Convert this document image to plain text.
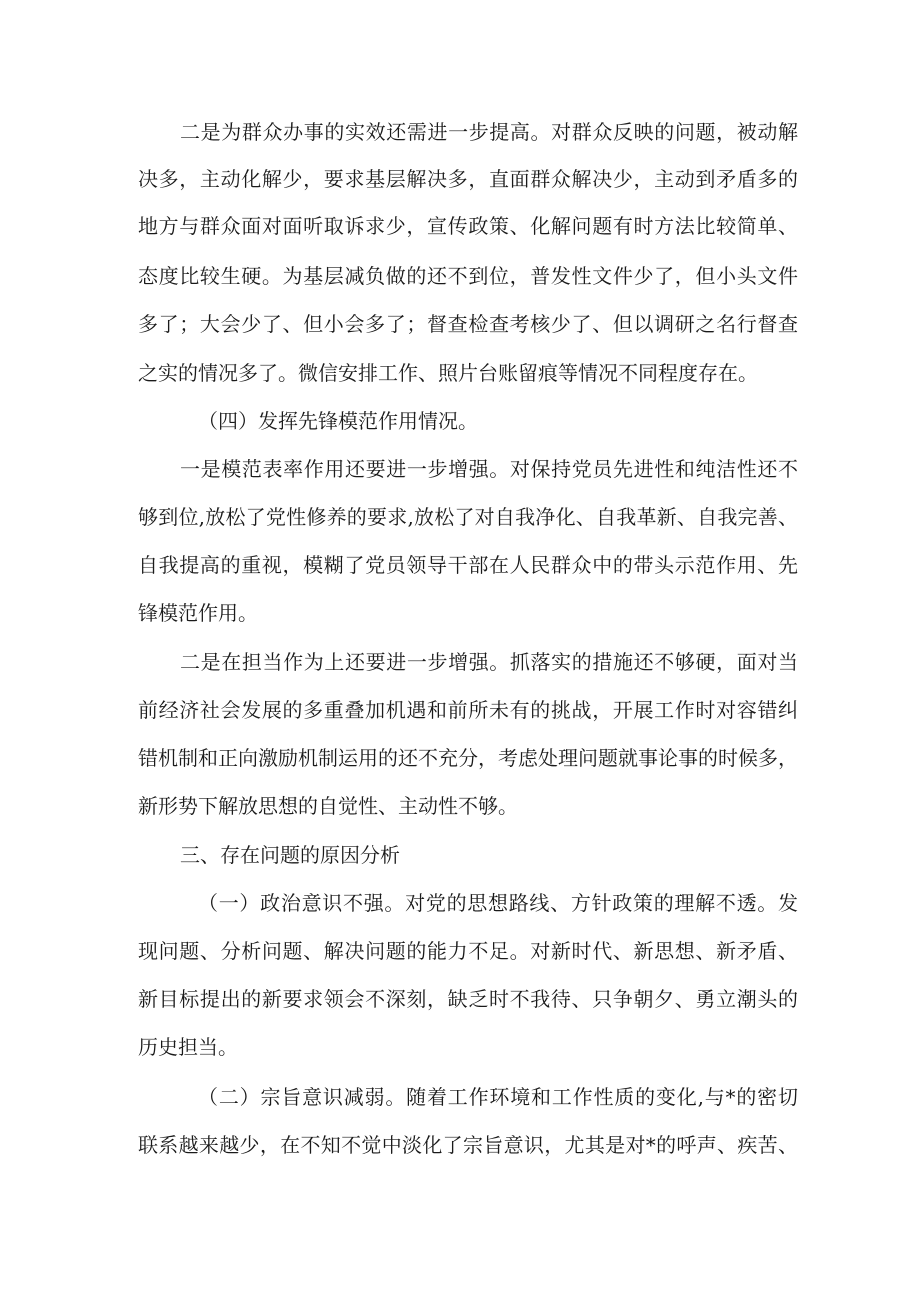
二是为群众办事的实效还需进一步提高。对群众反映的问题，被动解
决多，主动化解少，要求基层解决多，直面群众解决少，主动到矛盾多的
地方与群众面对面听取诉求少，宣传政策、化解问题有时方法比较简单、
态度比较生硬。为基层减负做的还不到位，普发性文件少了，但小头文件
多了；大会少了、但小会多了；督查检查考核少了、但以调研之名行督查
之实的情况多了。微信安排工作、照片台账留痕等情况不同程度存在。
（四）发挥先锋模范作用情况。
一是模范表率作用还要进一步增强。对保持党员先进性和纯洁性还不
够到位,放松了党性修养的要求,放松了对自我净化、自我革新、自我完善、
自我提高的重视，模糊了党员领导干部在人民群众中的带头示范作用、先
锋模范作用。
二是在担当作为上还要进一步增强。抓落实的措施还不够硬，面对当
前经济社会发展的多重叠加机遇和前所未有的挑战，开展工作时对容错纠
错机制和正向激励机制运用的还不充分，考虑处理问题就事论事的时候多，
新形势下解放思想的自觉性、主动性不够。
三、存在问题的原因分析
（一）政治意识不强。对党的思想路线、方针政策的理解不透。发
现问题、分析问题、解决问题的能力不足。对新时代、新思想、新矛盾、
新目标提出的新要求领会不深刻，缺乏时不我待、只争朝夕、勇立潮头的
历史担当。
（二）宗旨意识减弱。随着工作环境和工作性质的变化,与*的密切
联系越来越少，在不知不觉中淡化了宗旨意识，尤其是对*的呼声、疾苦、
